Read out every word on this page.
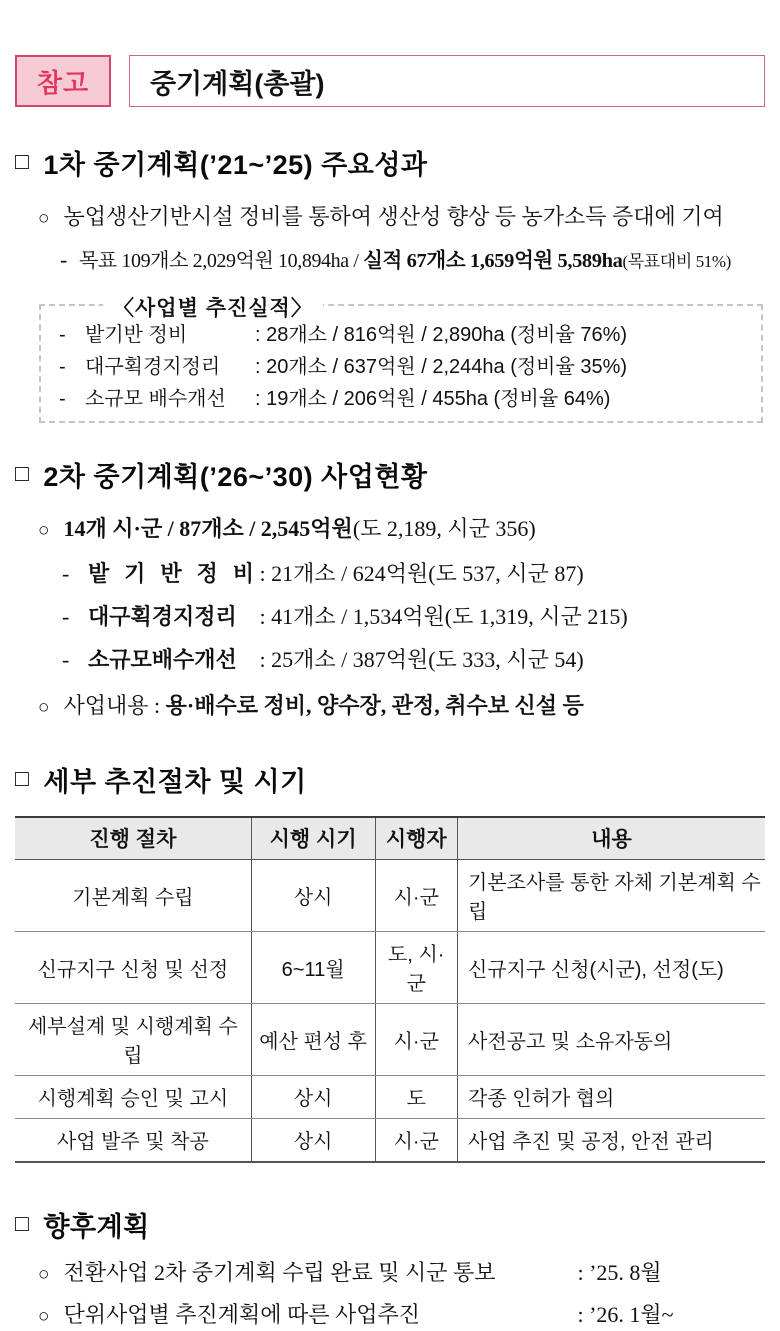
참고 중기계획(총괄)
□ 1차 중기계획(’21~’25) 주요성과
○ 농업생산기반시설 정비를 통하여 생산성 향상 등 농가소득 증대에 기여
- 목표 109개소 2,029억원 10,894ha / 실적 67개소 1,659억원 5,589ha(목표대비 51%)
〈사업별 추진실적〉
- 밭기반 정비	: 28개소 / 816억원 / 2,890ha (정비율 76%)
- 대구획경지정리 : 20개소 / 637억원 / 2,244ha (정비율 35%)
- 소규모 배수개선 : 19개소 / 206억원 / 455ha (정비율 64%)
□ 2차 중기계획(’26~’30) 사업현황
○ 14개 시·군 / 87개소 / 2,545억원(도 2,189, 시군 356)
- 밭 기 반 정 비 : 21개소 / 624억원(도 537, 시군 87)
- 대구획경지정리 : 41개소 / 1,534억원(도 1,319, 시군 215)
- 소규모배수개선 : 25개소 / 387억원(도 333, 시군 54)
○ 사업내용 : 용·배수로 정비, 양수장, 관정, 취수보 신설 등
□ 세부 추진절차 및 시기
진행 절차	시행 시기	시행자	내용
기본계획 수립	상시	시·군	기본조사를 통한 자체 기본계획 수립
신규지구 신청 및 선정	6~11월	도, 시·군	신규지구 신청(시군), 선정(도)
세부설계 및 시행계획 수립	예산 편성 후	시·군	사전공고 및 소유자동의
시행계획 승인 및 고시	상시	도	각종 인허가 협의
사업 발주 및 착공	상시	시·군	사업 추진 및 공정, 안전 관리
□ 향후계획
○ 전환사업 2차 중기계획 수립 완료 및 시군 통보	: ’25. 8월
○ 단위사업별 추진계획에 따른 사업추진	: ’26. 1월~
